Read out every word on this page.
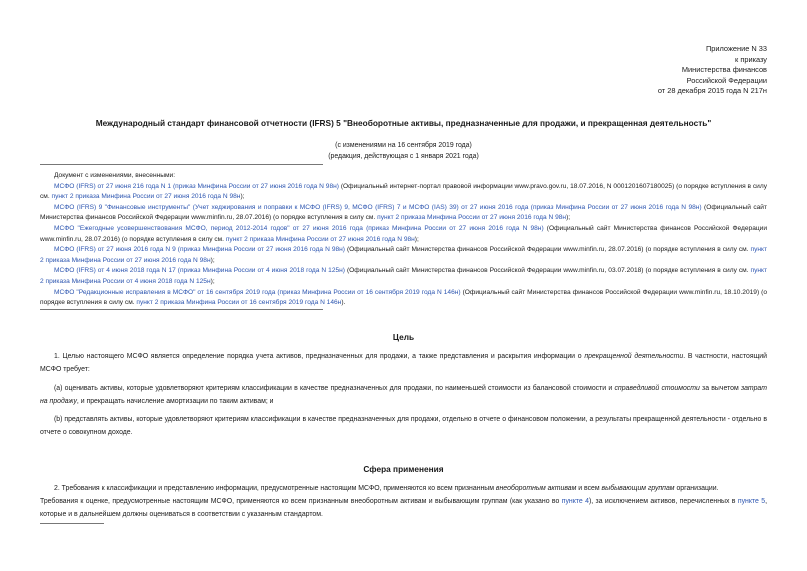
Приложение N 33
к приказу
Министерства финансов
Российской Федерации
от 28 декабря 2015 года N 217н
Международный стандарт финансовой отчетности (IFRS) 5 "Внеоборотные активы, предназначенные для продажи, и прекращенная деятельность"
(с изменениями на 16 сентября 2019 года)
(редакция, действующая с 1 января 2021 года)
Документ с изменениями, внесенными:
МСФО (IFRS) от 27 июня 216 года N 1 (приказ Минфина России от 27 июня 2016 года N 98н) (Официальный интернет-портал правовой информации www.pravo.gov.ru, 18.07.2016, N 0001201607180025) (о порядке вступления в силу см. пункт 2 приказа Минфина России от 27 июня 2016 года N 98н);
МСФО (IFRS) 9 "Финансовые инструменты" (Учет хеджирования и поправки к МСФО (IFRS) 9, МСФО (IFRS) 7 и МСФО (IAS) 39) от 27 июня 2016 года (приказ Минфина России от 27 июня 2016 года N 98н) (Официальный сайт Министерства финансов Российской Федерации www.minfin.ru, 28.07.2016) (о порядке вступления в силу см. пункт 2 приказа Минфина России от 27 июня 2016 года N 98н);
МСФО "Ежегодные усовершенствования МСФО, период 2012-2014 годов" от 27 июня 2016 года (приказ Минфина России от 27 июня 2016 года N 98н) (Официальный сайт Министерства финансов Российской Федерации www.minfin.ru, 28.07.2016) (о порядке вступления в силу см. пункт 2 приказа Минфина России от 27 июня 2016 года N 98н);
МСФО (IFRS) от 27 июня 2016 года N 9 (приказ Минфина России от 27 июня 2016 года N 98н) (Официальный сайт Министерства финансов Российской Федерации www.minfin.ru, 28.07.2016) (о порядке вступления в силу см. пункт 2 приказа Минфина России от 27 июня 2016 года N 98н);
МСФО (IFRS) от 4 июня 2018 года N 17 (приказ Минфина России от 4 июня 2018 года N 125н) (Официальный сайт Министерства финансов Российской Федерации www.minfin.ru, 03.07.2018) (о порядке вступления в силу см. пункт 2 приказа Минфина России от 4 июня 2018 года N 125н);
МСФО "Редакционные исправления в МСФО" от 16 сентября 2019 года (приказ Минфина России от 16 сентября 2019 года N 146н) (Официальный сайт Министерства финансов Российской Федерации www.minfin.ru, 18.10.2019) (о порядке вступления в силу см. пункт 2 приказа Минфина России от 16 сентября 2019 года N 146н).
Цель
1. Целью настоящего МСФО является определение порядка учета активов, предназначенных для продажи, а также представления и раскрытия информации о прекращенной деятельности. В частности, настоящий МСФО требует:
(a) оценивать активы, которые удовлетворяют критериям классификации в качестве предназначенных для продажи, по наименьшей стоимости из балансовой стоимости и справедливой стоимости за вычетом затрат на продажу, и прекращать начисление амортизации по таким активам; и
(b) представлять активы, которые удовлетворяют критериям классификации в качестве предназначенных для продажи, отдельно в отчете о финансовом положении, а результаты прекращенной деятельности - отдельно в отчете о совокупном доходе.
Сфера применения
2. Требования к классификации и представлению информации, предусмотренные настоящим МСФО, применяются ко всем признанным внеоборотным активам и всем выбывающим группам организации.
Требования к оценке, предусмотренные настоящим МСФО, применяются ко всем признанным внеоборотным активам и выбывающим группам (как указано во пункте 4), за исключением активов, перечисленных в пункте 5, которые и в дальнейшем должны оцениваться в соответствии с указанным стандартом.
